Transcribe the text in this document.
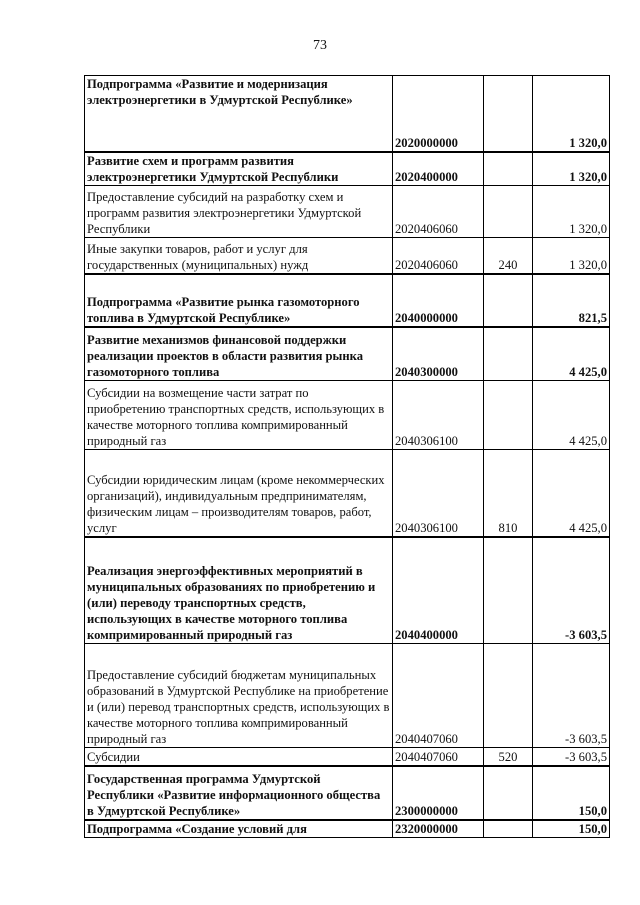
73
Подпрограмма «Развитие и модернизация электроэнергетики в Удмуртской Республике»	2020000000		1 320,0
Развитие схем и программ развития электроэнергетики Удмуртской Республики	2020400000		1 320,0
Предоставление субсидий на разработку схем и программ развития электроэнергетики Удмуртской Республики	2020406060		1 320,0
Иные закупки товаров, работ и услуг для государственных (муниципальных) нужд	2020406060	240	1 320,0
Подпрограмма «Развитие рынка газомоторного топлива в Удмуртской Республике»	2040000000		821,5
Развитие механизмов финансовой поддержки реализации проектов в области развития рынка газомоторного топлива	2040300000		4 425,0
Субсидии на возмещение части затрат по приобретению транспортных средств, использующих в качестве моторного топлива компримированный природный газ	2040306100		4 425,0
Субсидии юридическим лицам (кроме некоммерческих организаций), индивидуальным предпринимателям, физическим лицам – производителям товаров, работ, услуг	2040306100	810	4 425,0
Реализация энергоэффективных мероприятий в муниципальных образованиях по приобретению и (или) переводу транспортных средств, использующих в качестве моторного топлива компримированный природный газ	2040400000		-3 603,5
Предоставление субсидий бюджетам муниципальных образований в Удмуртской Республике на приобретение и (или) перевод транспортных средств, использующих в качестве моторного топлива компримированный природный газ	2040407060		-3 603,5
Субсидии	2040407060	520	-3 603,5
Государственная программа Удмуртской Республики «Развитие информационного общества в Удмуртской Республике»	2300000000		150,0
Подпрограмма «Создание условий для	2320000000		150,0
